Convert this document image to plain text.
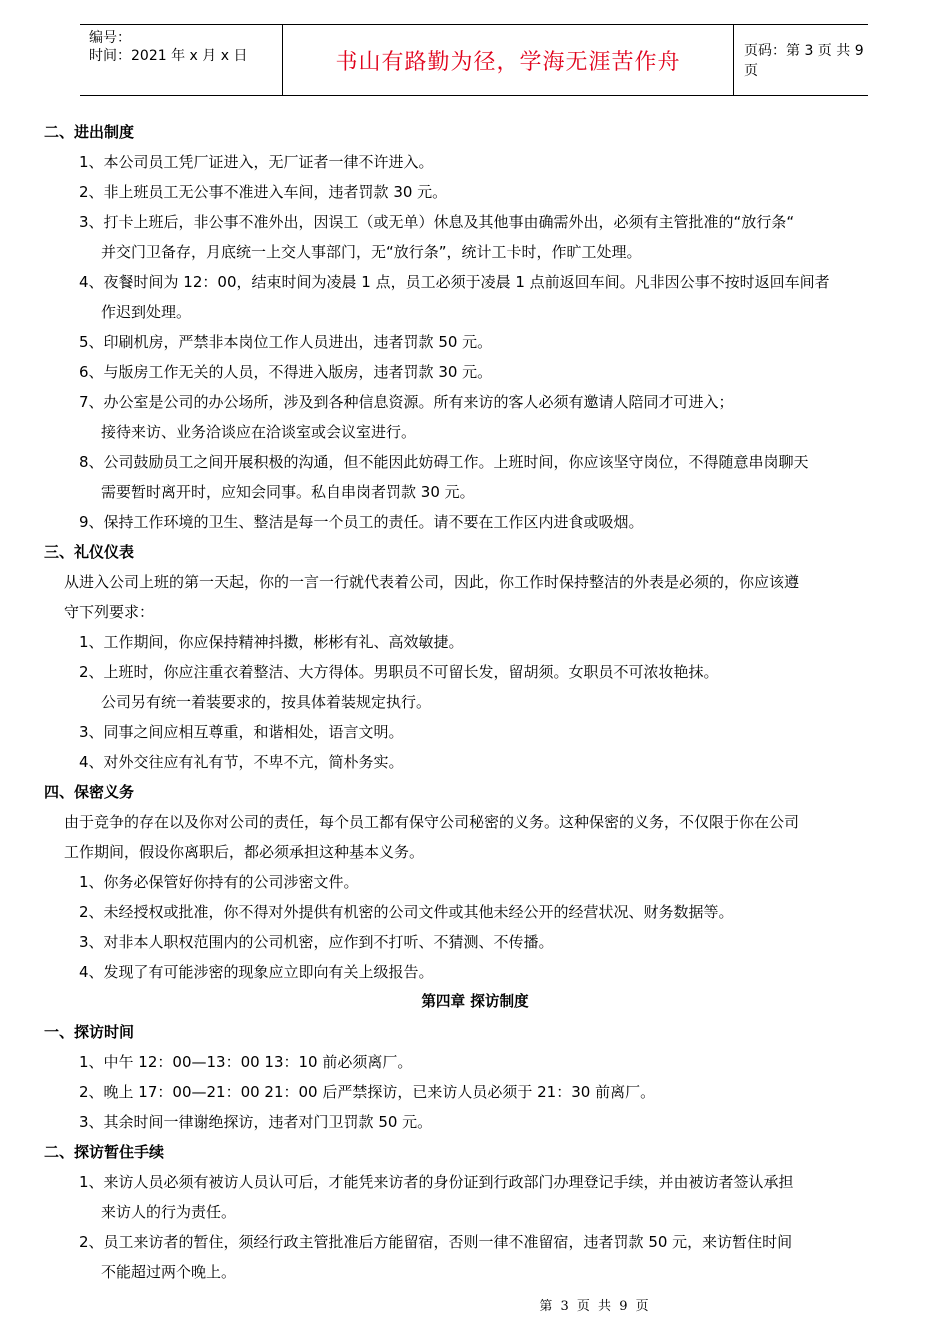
编号：
时间：2021 年 x 月 x 日	书山有路勤为径，学海无涯苦作舟	页码：第 3 页 共 9 页
二、进出制度
1、本公司员工凭厂证进入，无厂证者一律不许进入。
2、非上班员工无公事不准进入车间，违者罚款 30 元。
3、打卡上班后，非公事不准外出，因误工（或无单）休息及其他事由确需外出，必须有主管批准的“放行条“
并交门卫备存，月底统一上交人事部门，无“放行条”，统计工卡时，作旷工处理。
4、夜餐时间为 12：00，结束时间为凌晨 1 点，员工必须于凌晨 1 点前返回车间。凡非因公事不按时返回车间者
作迟到处理。
5、印刷机房，严禁非本岗位工作人员进出，违者罚款 50 元。
6、与版房工作无关的人员，不得进入版房，违者罚款 30 元。
7、办公室是公司的办公场所，涉及到各种信息资源。所有来访的客人必须有邀请人陪同才可进入；
接待来访、业务洽谈应在洽谈室或会议室进行。
8、公司鼓励员工之间开展积极的沟通，但不能因此妨碍工作。上班时间，你应该坚守岗位，不得随意串岗聊天
需要暂时离开时，应知会同事。私自串岗者罚款 30 元。
9、保持工作环境的卫生、整洁是每一个员工的责任。请不要在工作区内进食或吸烟。
三、礼仪仪表
从进入公司上班的第一天起，你的一言一行就代表着公司，因此，你工作时保持整洁的外表是必须的，你应该遵
守下列要求：
1、工作期间，你应保持精神抖擞，彬彬有礼、高效敏捷。
2、上班时，你应注重衣着整洁、大方得体。男职员不可留长发，留胡须。女职员不可浓妆艳抹。
公司另有统一着装要求的，按具体着装规定执行。
3、同事之间应相互尊重，和谐相处，语言文明。
4、对外交往应有礼有节，不卑不亢，简朴务实。
四、保密义务
由于竞争的存在以及你对公司的责任，每个员工都有保守公司秘密的义务。这种保密的义务，不仅限于你在公司
工作期间，假设你离职后，都必须承担这种基本义务。
1、你务必保管好你持有的公司涉密文件。
2、未经授权或批准，你不得对外提供有机密的公司文件或其他未经公开的经营状况、财务数据等。
3、对非本人职权范围内的公司机密，应作到不打听、不猜测、不传播。
4、发现了有可能涉密的现象应立即向有关上级报告。
第四章 探访制度
一、探访时间
1、中午 12：00—13：00 13：10 前必须离厂。
2、晚上 17：00—21：00 21：00 后严禁探访，已来访人员必须于 21：30 前离厂。
3、其余时间一律谢绝探访，违者对门卫罚款 50 元。
二、探访暂住手续
1、来访人员必须有被访人员认可后，才能凭来访者的身份证到行政部门办理登记手续，并由被访者签认承担
来访人的行为责任。
2、员工来访者的暂住，须经行政主管批准后方能留宿，否则一律不准留宿，违者罚款 50 元，来访暂住时间
不能超过两个晚上。
第 3 页 共 9 页
